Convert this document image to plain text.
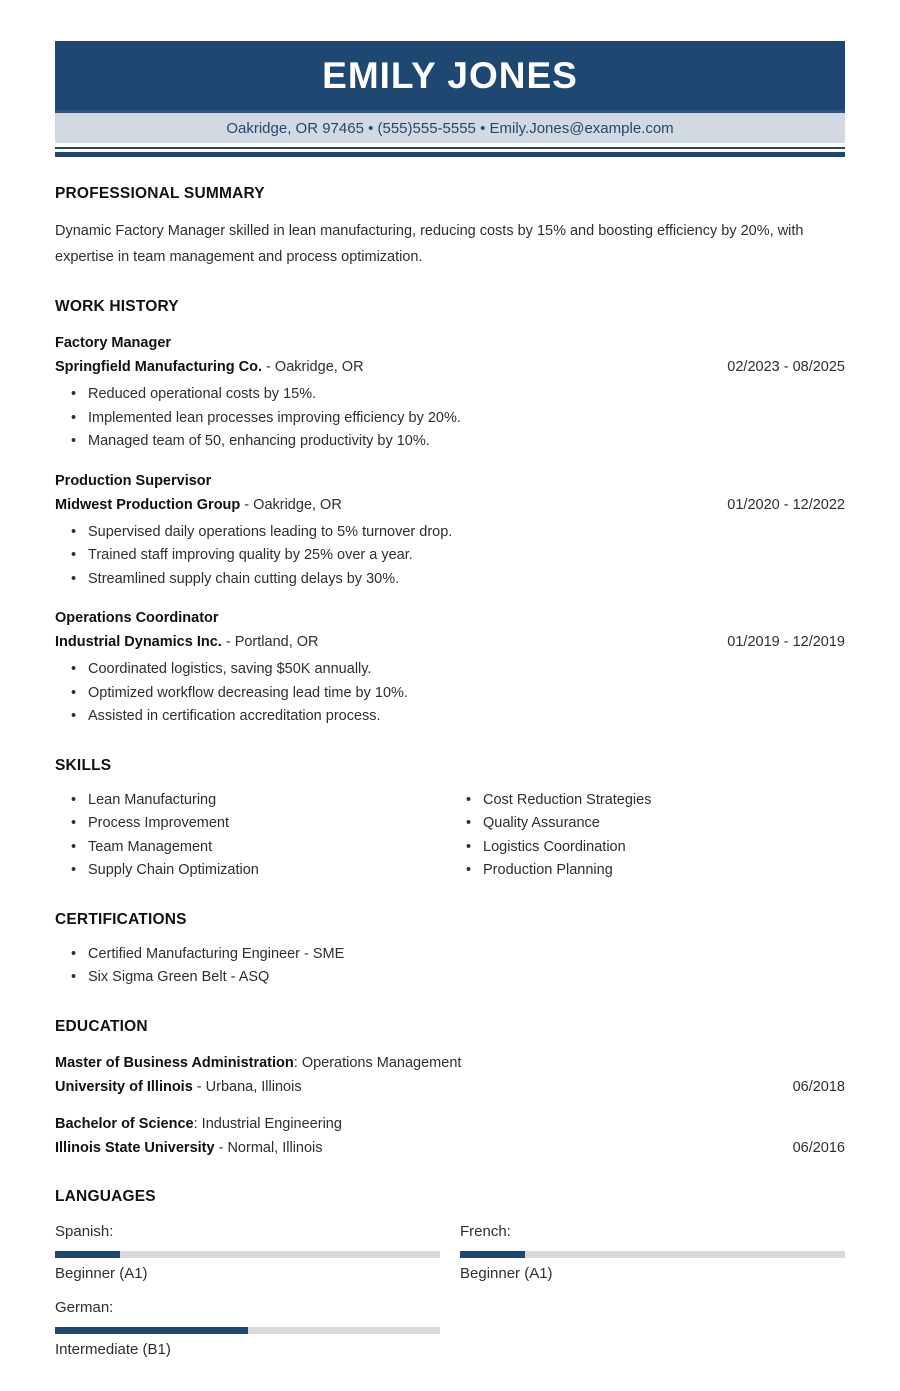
EMILY JONES
Oakridge, OR 97465 • (555)555-5555 • Emily.Jones@example.com
PROFESSIONAL SUMMARY

Dynamic Factory Manager skilled in lean manufacturing, reducing costs by 15% and boosting efficiency by 20%, with expertise in team management and process optimization.

WORK HISTORY
Factory Manager
Springfield Manufacturing Co. - Oakridge, OR	02/2023 - 08/2025
• Reduced operational costs by 15%.
• Implemented lean processes improving efficiency by 20%.
• Managed team of 50, enhancing productivity by 10%.
Production Supervisor
Midwest Production Group - Oakridge, OR	01/2020 - 12/2022
• Supervised daily operations leading to 5% turnover drop.
• Trained staff improving quality by 25% over a year.
• Streamlined supply chain cutting delays by 30%.
Operations Coordinator
Industrial Dynamics Inc. - Portland, OR	01/2019 - 12/2019
• Coordinated logistics, saving $50K annually.
• Optimized workflow decreasing lead time by 10%.
• Assisted in certification accreditation process.
SKILLS
• Lean Manufacturing
• Process Improvement
• Team Management
• Supply Chain Optimization
• Cost Reduction Strategies
• Quality Assurance
• Logistics Coordination
• Production Planning
CERTIFICATIONS
• Certified Manufacturing Engineer - SME
• Six Sigma Green Belt - ASQ
EDUCATION
Master of Business Administration: Operations Management
University of Illinois - Urbana, Illinois	06/2018
Bachelor of Science: Industrial Engineering
Illinois State University - Normal, Illinois	06/2016
LANGUAGES
Spanish:
Beginner (A1)
French:
Beginner (A1)
German:
Intermediate (B1)
